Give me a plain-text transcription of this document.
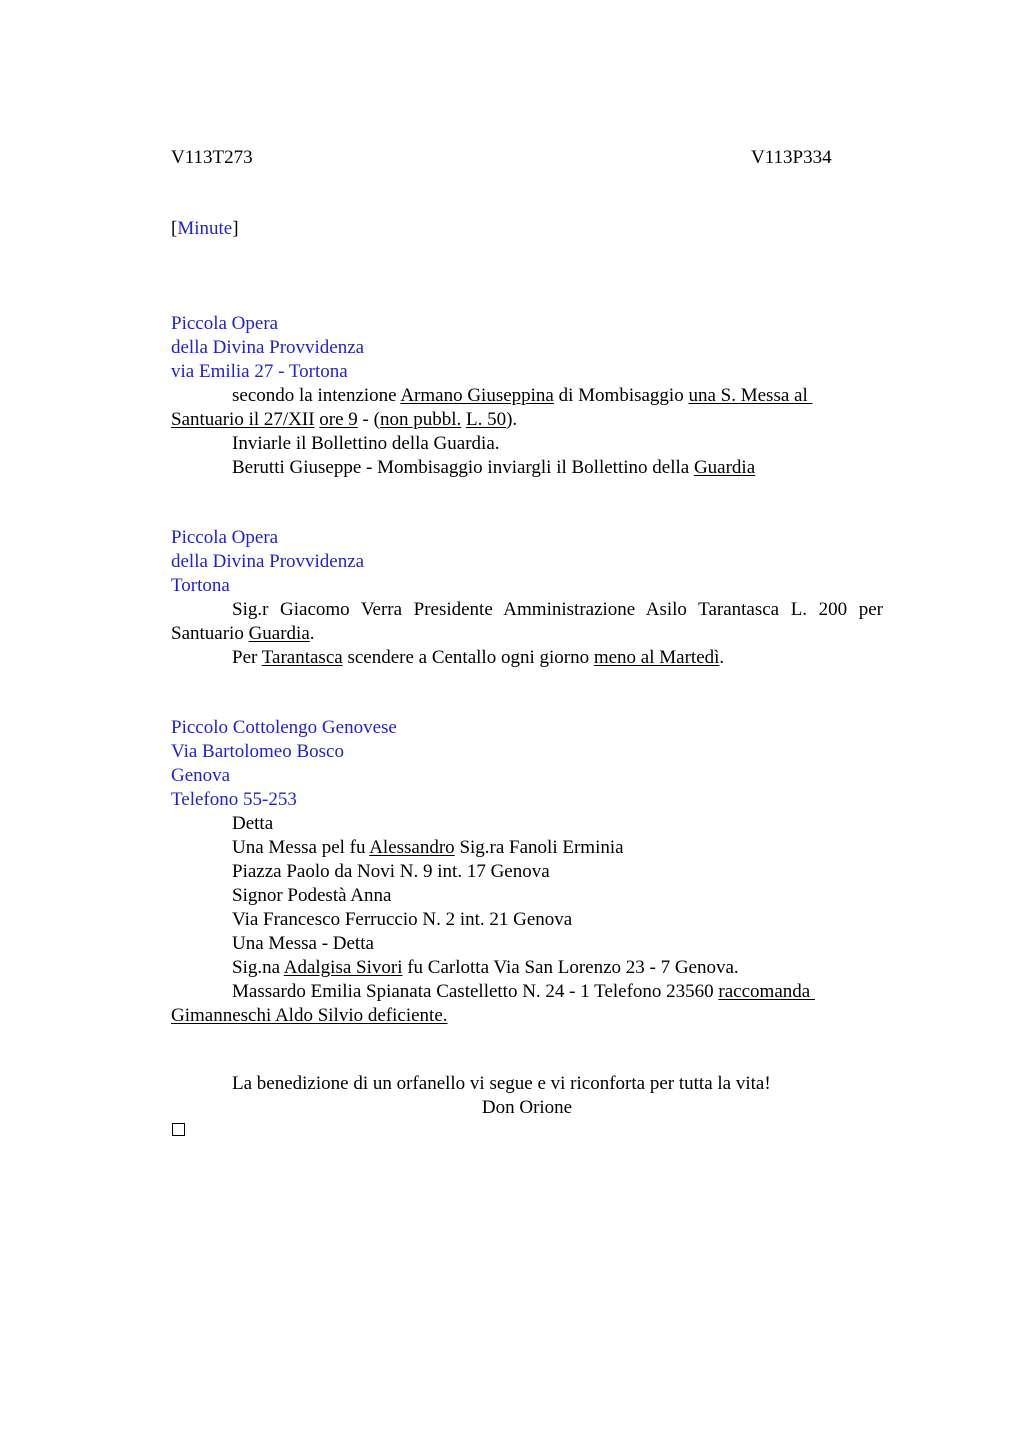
V113T273	V113P334
[Minute]
Piccola Opera
della Divina Provvidenza
via Emilia 27 - Tortona
secondo la intenzione Armano Giuseppina di Mombisaggio una S. Messa al
Santuario il 27/XII ore 9 - (non pubbl. L. 50).
Inviarle il Bollettino della Guardia.
Berutti Giuseppe - Mombisaggio inviargli il Bollettino della Guardia
Piccola Opera
della Divina Provvidenza
Tortona
Sig.r Giacomo Verra Presidente Amministrazione Asilo Tarantasca L. 200 per
Santuario Guardia.
Per Tarantasca scendere a Centallo ogni giorno meno al Martedì.
Piccolo Cottolengo Genovese
Via Bartolomeo Bosco
Genova
Telefono 55-253
Detta
Una Messa pel fu Alessandro Sig.ra Fanoli Erminia
Piazza Paolo da Novi N. 9 int. 17 Genova
Signor Podestà Anna
Via Francesco Ferruccio N. 2 int. 21 Genova
Una Messa - Detta
Sig.na Adalgisa Sivori fu Carlotta Via San Lorenzo 23 - 7 Genova.
Massardo Emilia Spianata Castelletto N. 24 - 1 Telefono 23560 raccomanda
Gimanneschi Aldo Silvio deficiente.
La benedizione di un orfanello vi segue e vi riconforta per tutta la vita!
Don Orione
